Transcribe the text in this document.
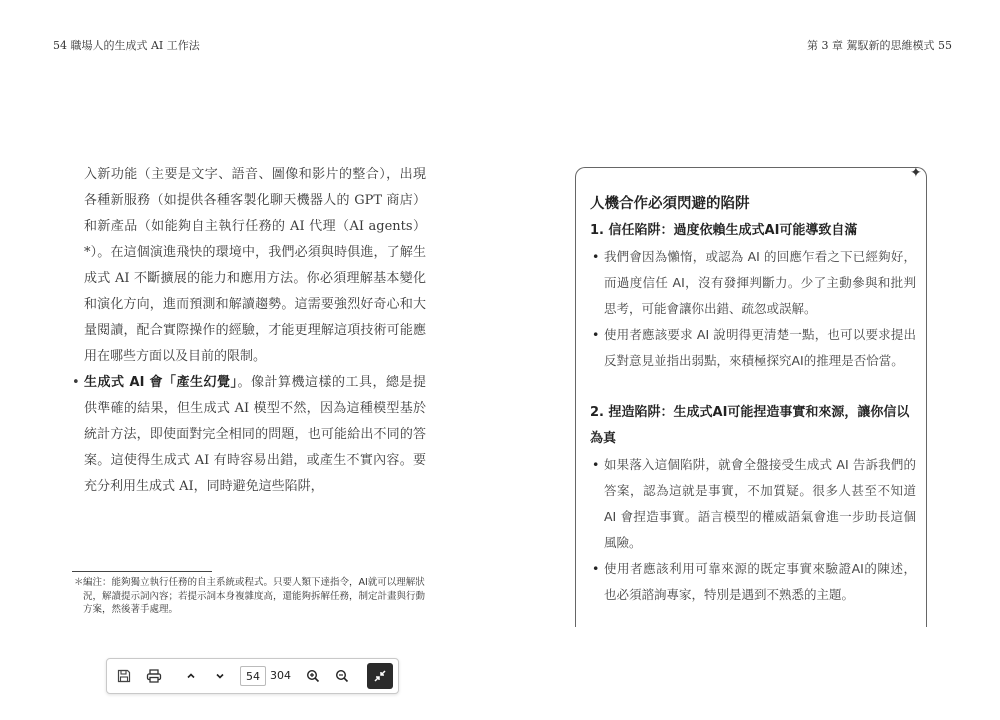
54 職場人的生成式 AI 工作法	第 3 章 駕馭新的思維模式 55

入新功能（主要是文字、語音、圖像和影片的整合），出現各種新服務（如提供各種客製化聊天機器人的 GPT 商店）和新產品（如能夠自主執行任務的 AI 代理（AI agents）*）。在這個演進飛快的環境中，我們必須與時俱進，了解生成式 AI 不斷擴展的能力和應用方法。你必須理解基本變化和演化方向，進而預測和解讀趨勢。這需要強烈好奇心和大量閱讀，配合實際操作的經驗，才能更理解這項技術可能應用在哪些方面以及目前的限制。

• 生成式 AI 會「產生幻覺」。像計算機這樣的工具，總是提供準確的結果，但生成式 AI 模型不然，因為這種模型基於統計方法，即使面對完全相同的問題，也可能給出不同的答案。這使得生成式 AI 有時容易出錯，或產生不實內容。要充分利用生成式 AI，同時避免這些陷阱，

＊ 編注：能夠獨立執行任務的自主系統或程式。只要人類下達指令，AI就可以理解狀況，解讀提示詞內容；若提示詞本身複雜度高，還能夠拆解任務，制定計畫與行動方案，然後著手處理。
✦
人機合作必須閃避的陷阱

1. 信任陷阱：過度依賴生成式AI可能導致自滿

• 我們會因為懶惰，或認為 AI 的回應乍看之下已經夠好，而過度信任 AI，沒有發揮判斷力。少了主動參與和批判思考，可能會讓你出錯、疏忽或誤解。

• 使用者應該要求 AI 說明得更清楚一點，也可以要求提出反對意見並指出弱點，來積極探究AI的推理是否恰當。

2. 捏造陷阱：生成式AI可能捏造事實和來源，讓你信以為真

• 如果落入這個陷阱，就會全盤接受生成式 AI 告訴我們的答案，認為這就是事實，不加質疑。很多人甚至不知道 AI 會捏造事實。語言模型的權威語氣會進一步助長這個風險。

• 使用者應該利用可靠來源的既定事實來驗證AI的陳述，也必須諮詢專家，特別是遇到不熟悉的主題。

54 304
